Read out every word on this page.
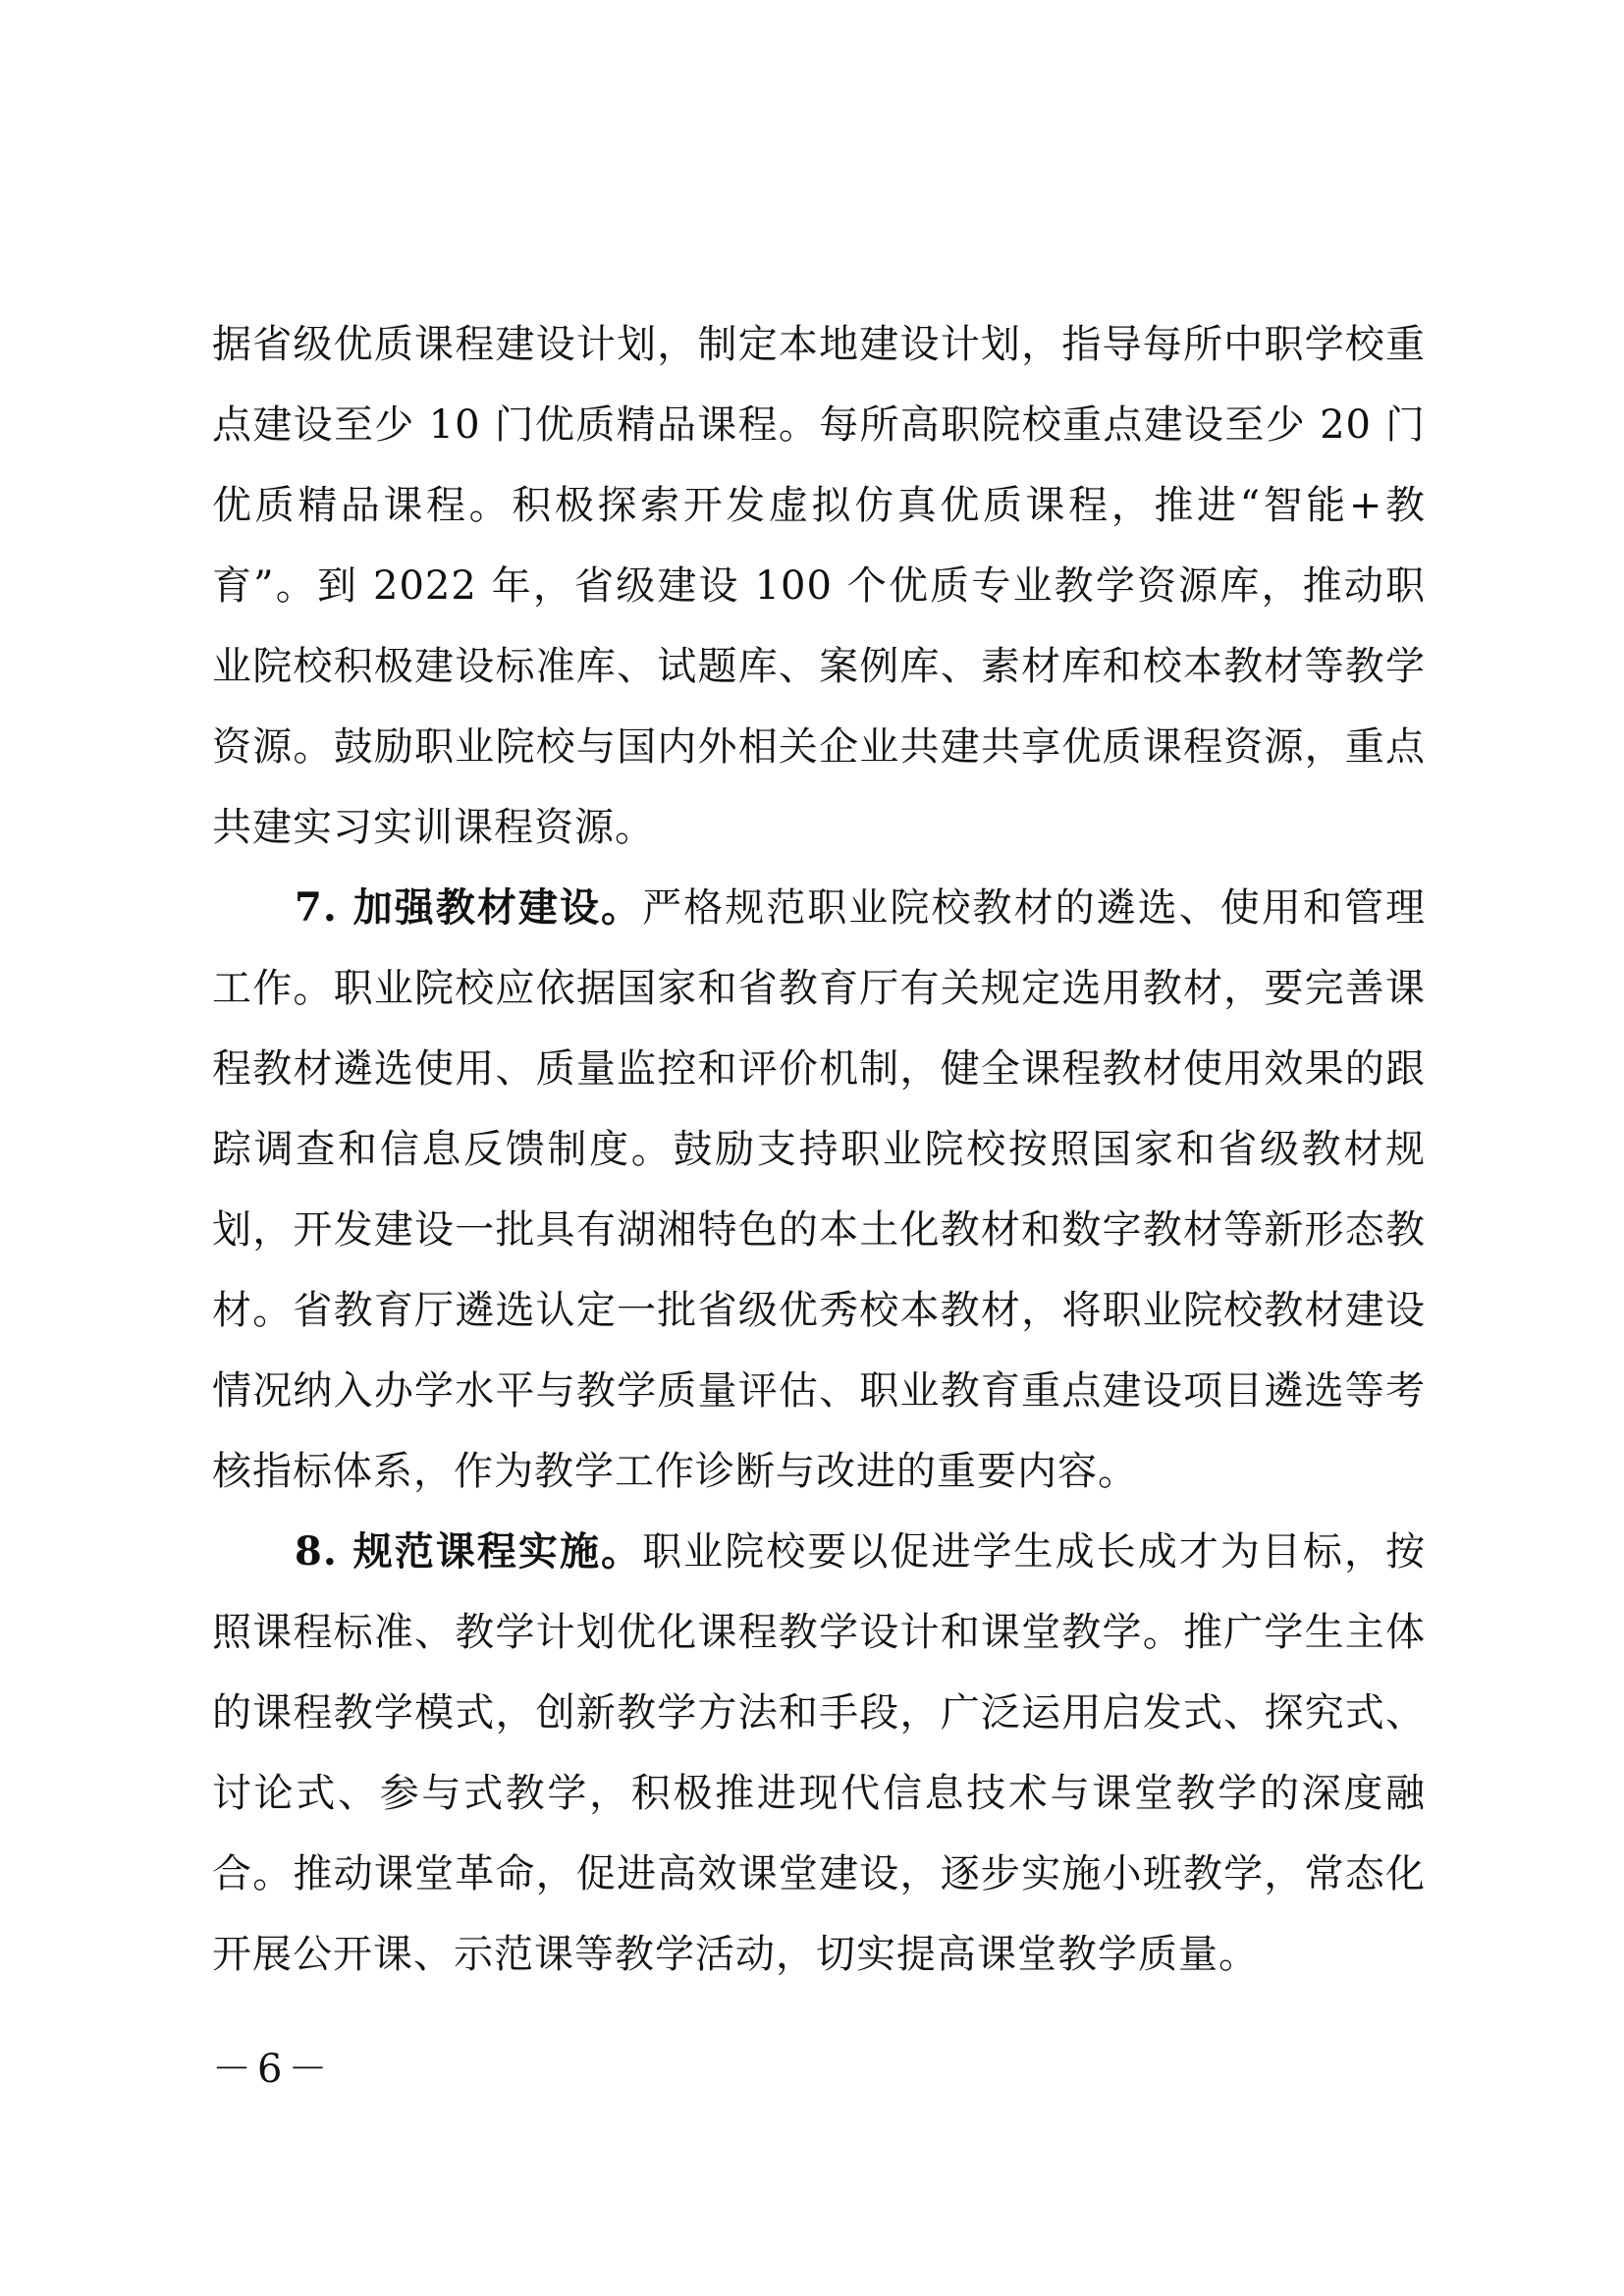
据省级优质课程建设计划，制定本地建设计划，指导每所中职学校重点建设至少 10 门优质精品课程。每所高职院校重点建设至少 20 门优质精品课程。积极探索开发虚拟仿真优质课程，推进“智能+教育”。到 2022 年，省级建设 100 个优质专业教学资源库，推动职业院校积极建设标准库、试题库、案例库、素材库和校本教材等教学资源。鼓励职业院校与国内外相关企业共建共享优质课程资源，重点共建实习实训课程资源。

7. 加强教材建设。严格规范职业院校教材的遴选、使用和管理工作。职业院校应依据国家和省教育厅有关规定选用教材，要完善课程教材遴选使用、质量监控和评价机制，健全课程教材使用效果的跟踪调查和信息反馈制度。鼓励支持职业院校按照国家和省级教材规划，开发建设一批具有湖湘特色的本土化教材和数字教材等新形态教材。省教育厅遴选认定一批省级优秀校本教材，将职业院校教材建设情况纳入办学水平与教学质量评估、职业教育重点建设项目遴选等考核指标体系，作为教学工作诊断与改进的重要内容。

8. 规范课程实施。职业院校要以促进学生成长成才为目标，按照课程标准、教学计划优化课程教学设计和课堂教学。推广学生主体的课程教学模式，创新教学方法和手段，广泛运用启发式、探究式、讨论式、参与式教学，积极推进现代信息技术与课堂教学的深度融合。推动课堂革命，促进高效课堂建设，逐步实施小班教学，常态化开展公开课、示范课等教学活动，切实提高课堂教学质量。

－6－
